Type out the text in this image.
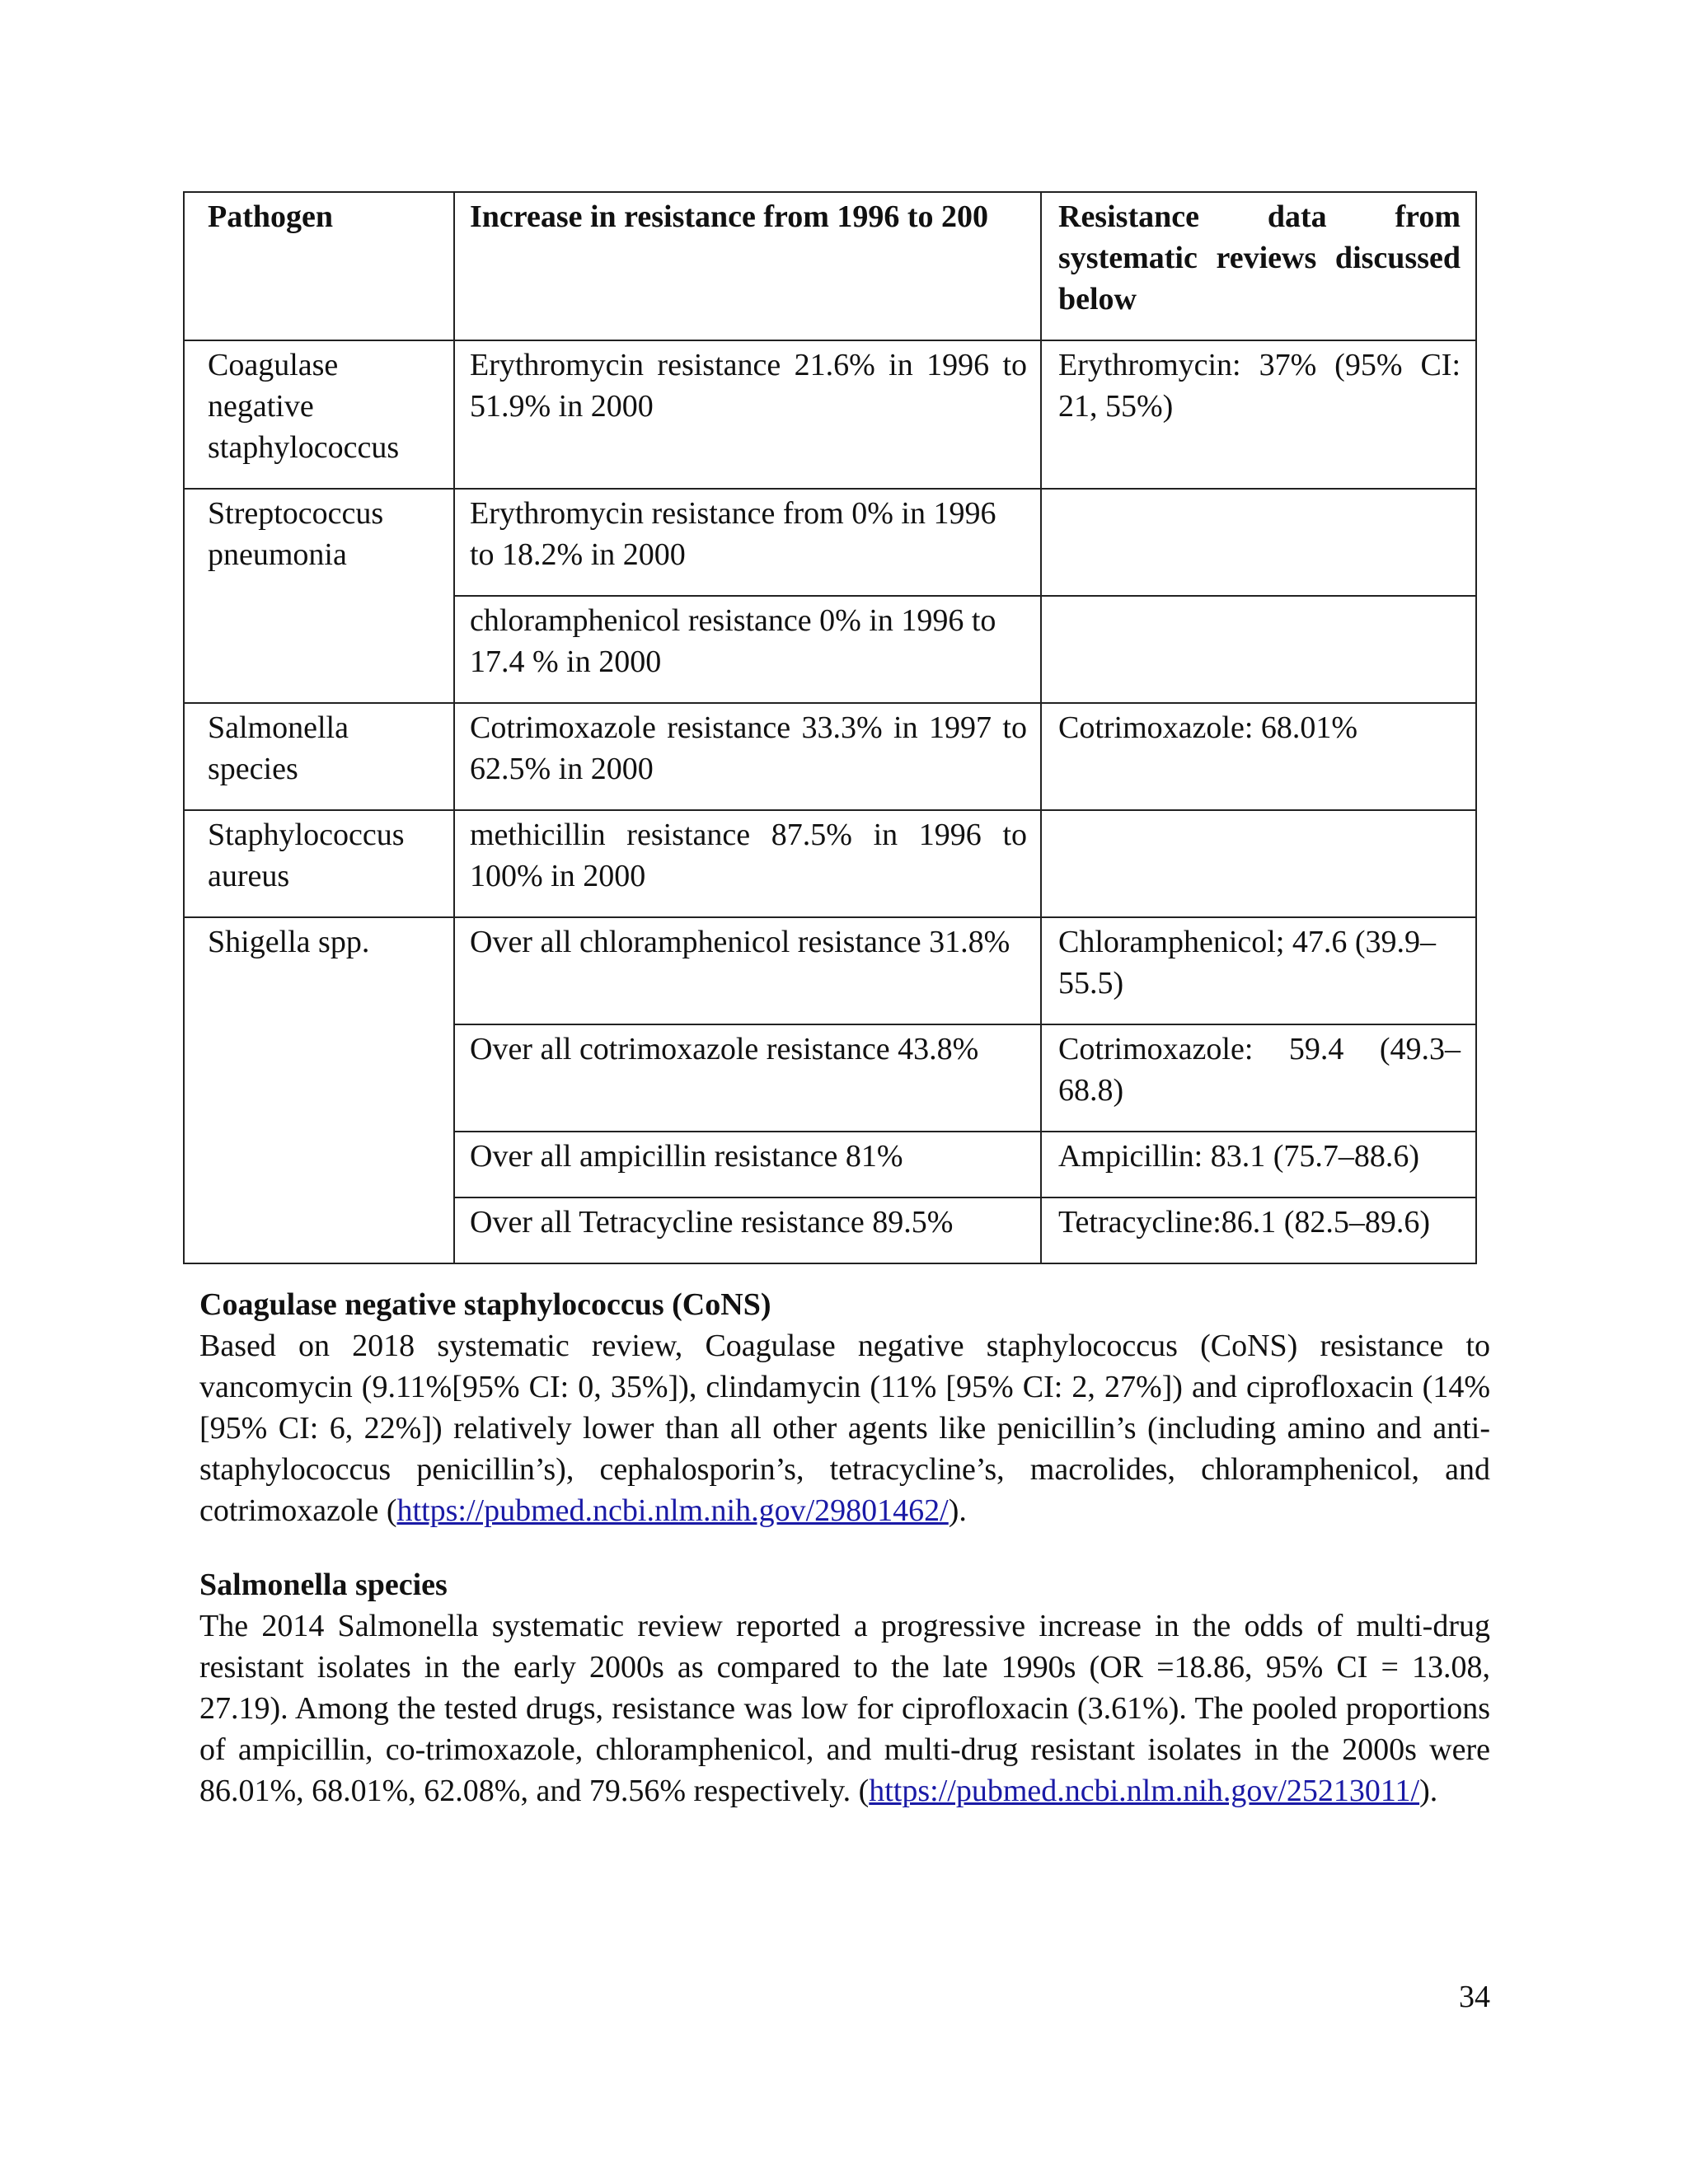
Pathogen	Increase in resistance from 1996 to 200	Resistance data from systematic reviews discussed below

Coagulase negative staphylococcus	Erythromycin resistance 21.6% in 1996 to 51.9% in 2000	Erythromycin: 37% (95% CI: 21, 55%)
Streptococcus pneumonia	Erythromycin resistance from 0% in 1996 to 18.2% in 2000	
	chloramphenicol resistance 0% in 1996 to 17.4 % in 2000	
Salmonella species	Cotrimoxazole resistance 33.3% in 1997 to 62.5% in 2000	Cotrimoxazole: 68.01%
Staphylococcus aureus	methicillin resistance 87.5% in 1996 to 100% in 2000	
Shigella spp.	Over all chloramphenicol resistance 31.8%	Chloramphenicol; 47.6 (39.9–55.5)
	Over all cotrimoxazole resistance 43.8%	Cotrimoxazole: 59.4 (49.3–68.8)
	Over all ampicillin resistance 81%	Ampicillin: 83.1 (75.7–88.6)
	Over all Tetracycline resistance 89.5%	Tetracycline:86.1 (82.5–89.6)
Coagulase negative staphylococcus (CoNS)

Based on 2018 systematic review, Coagulase negative staphylococcus (CoNS) resistance to vancomycin (9.11%[95% CI: 0, 35%]), clindamycin (11% [95% CI: 2, 27%]) and ciprofloxacin (14%[95% CI: 6, 22%]) relatively lower than all other agents like penicillin’s (including amino and anti-staphylococcus penicillin’s), cephalosporin’s, tetracycline’s, macrolides, chloramphenicol, and cotrimoxazole (https://pubmed.ncbi.nlm.nih.gov/29801462/).

Salmonella species

The 2014 Salmonella systematic review reported a progressive increase in the odds of multi-drug resistant isolates in the early 2000s as compared to the late 1990s (OR =18.86, 95% CI = 13.08, 27.19). Among the tested drugs, resistance was low for ciprofloxacin (3.61%). The pooled proportions of ampicillin, co-trimoxazole, chloramphenicol, and multi-drug resistant isolates in the 2000s were 86.01%, 68.01%, 62.08%, and 79.56% respectively. (https://pubmed.ncbi.nlm.nih.gov/25213011/).

34
